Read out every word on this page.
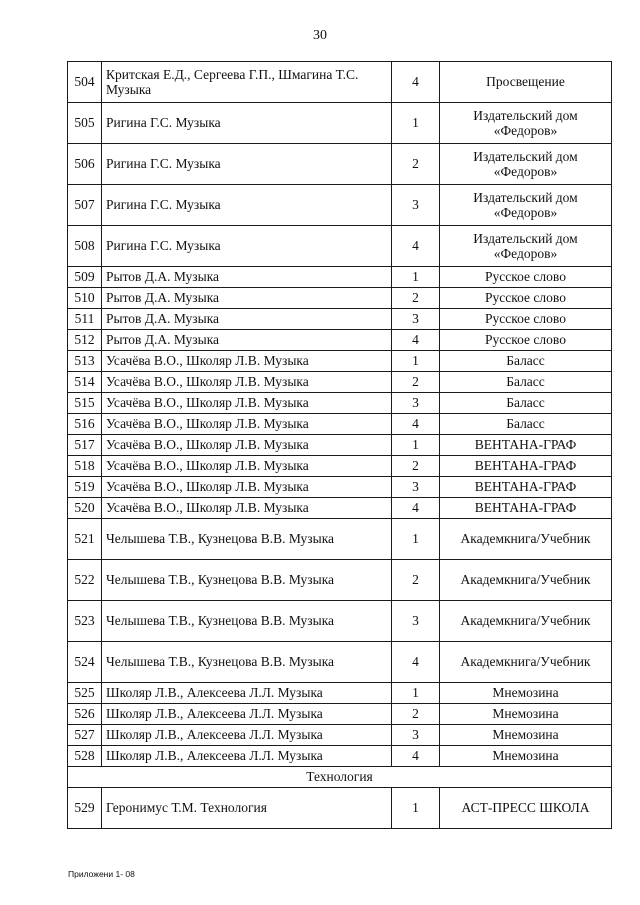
30
504	Критская Е.Д., Сергеева Г.П., Шмагина Т.С. Музыка	4	Просвещение
505	Ригина Г.С. Музыка	1	Издательский дом «Федоров»
506	Ригина Г.С. Музыка	2	Издательский дом «Федоров»
507	Ригина Г.С. Музыка	3	Издательский дом «Федоров»
508	Ригина Г.С. Музыка	4	Издательский дом «Федоров»
509	Рытов Д.А. Музыка	1	Русское слово
510	Рытов Д.А. Музыка	2	Русское слово
511	Рытов Д.А. Музыка	3	Русское слово
512	Рытов Д.А. Музыка	4	Русское слово
513	Усачёва В.О., Школяр Л.В. Музыка	1	Баласс
514	Усачёва В.О., Школяр Л.В. Музыка	2	Баласс
515	Усачёва В.О., Школяр Л.В. Музыка	3	Баласс
516	Усачёва В.О., Школяр Л.В. Музыка	4	Баласс
517	Усачёва В.О., Школяр Л.В. Музыка	1	ВЕНТАНА-ГРАФ
518	Усачёва В.О., Школяр Л.В. Музыка	2	ВЕНТАНА-ГРАФ
519	Усачёва В.О., Школяр Л.В. Музыка	3	ВЕНТАНА-ГРАФ
520	Усачёва В.О., Школяр Л.В. Музыка	4	ВЕНТАНА-ГРАФ
521	Челышева Т.В., Кузнецова В.В. Музыка	1	Академкнига/Учебник
522	Челышева Т.В., Кузнецова В.В. Музыка	2	Академкнига/Учебник
523	Челышева Т.В., Кузнецова В.В. Музыка	3	Академкнига/Учебник
524	Челышева Т.В., Кузнецова В.В. Музыка	4	Академкнига/Учебник
525	Школяр Л.В., Алексеева Л.Л. Музыка	1	Мнемозина
526	Школяр Л.В., Алексеева Л.Л. Музыка	2	Мнемозина
527	Школяр Л.В., Алексеева Л.Л. Музыка	3	Мнемозина
528	Школяр Л.В., Алексеева Л.Л. Музыка	4	Мнемозина
Технология			
529	Геронимус Т.М. Технология	1	АСТ-ПРЕСС ШКОЛА
Приложени 1- 08
